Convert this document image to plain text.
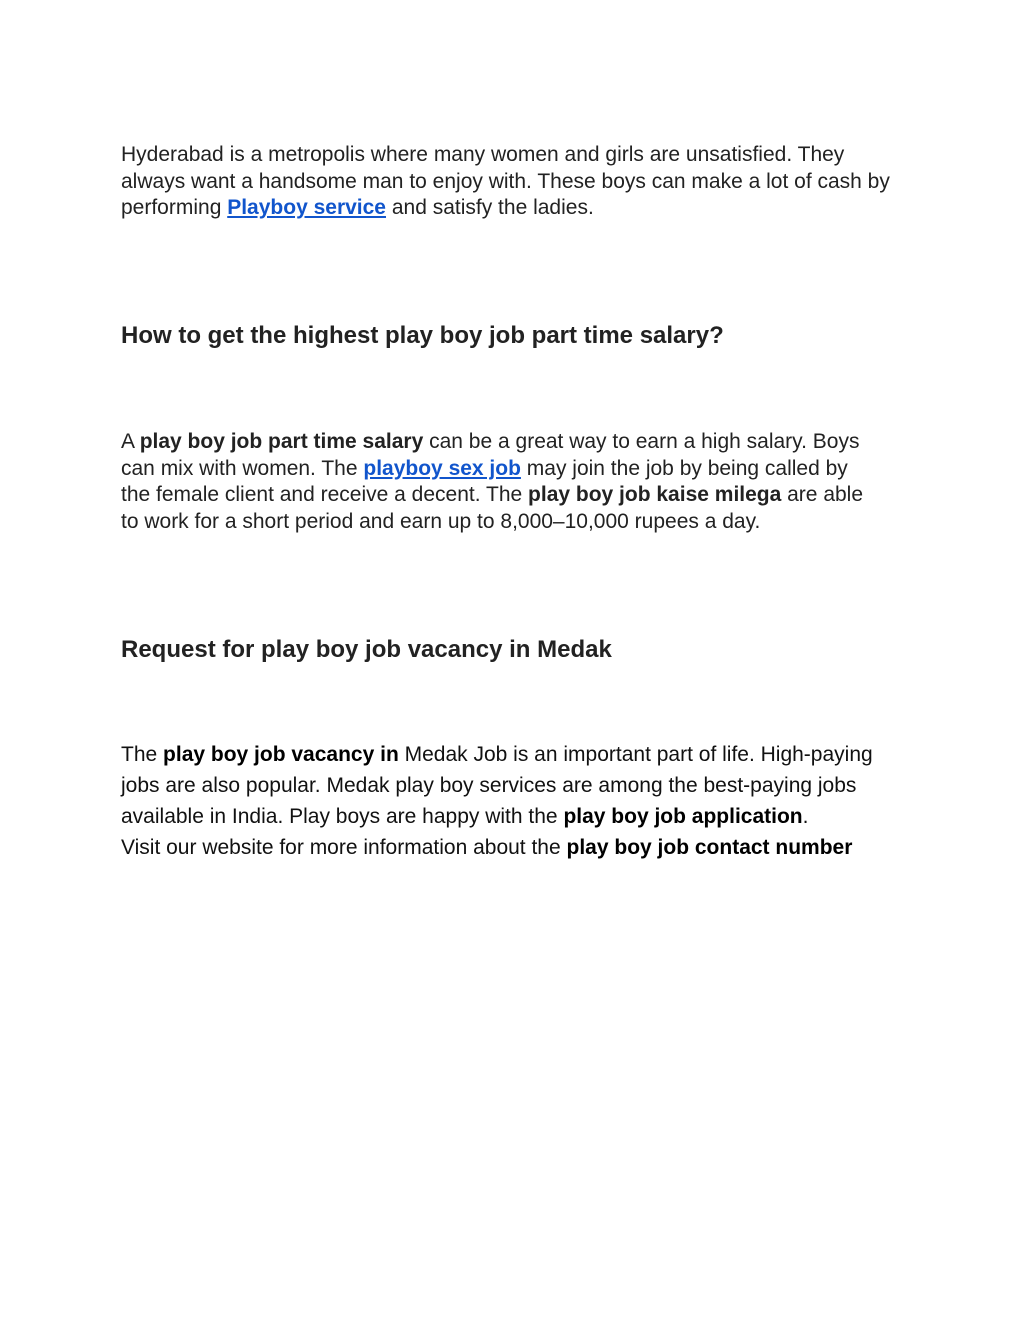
Hyderabad is a metropolis where many women and girls are unsatisfied. They always want a handsome man to enjoy with. These boys can make a lot of cash by performing Playboy service and satisfy the ladies.

How to get the highest play boy job part time salary?

A play boy job part time salary can be a great way to earn a high salary. Boys can mix with women. The playboy sex job may join the job by being called by the female client and receive a decent. The play boy job kaise milega are able to work for a short period and earn up to 8,000–10,000 rupees a day.

Request for play boy job vacancy in Medak

The play boy job vacancy in Medak Job is an important part of life. High-paying jobs are also popular. Medak play boy services are among the best-paying jobs available in India. Play boys are happy with the play boy job application.
Visit our website for more information about the play boy job contact number
